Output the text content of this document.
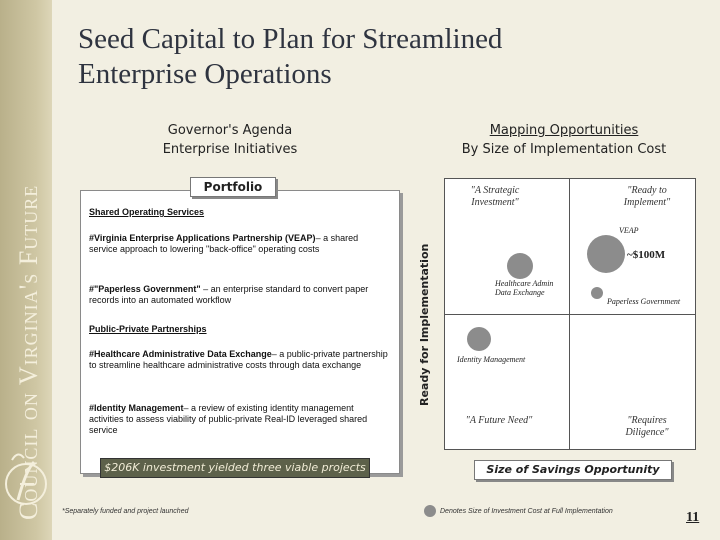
Council on Virginia's Future
Seed Capital to Plan for Streamlined
Enterprise Operations
Governor's Agenda
Enterprise Initiatives
Mapping Opportunities
By Size of Implementation Cost
Shared Operating Services
#Virginia Enterprise Applications Partnership (VEAP)– a shared service approach to lowering "back-office" operating costs
#"Paperless Government" – an enterprise standard to convert paper records into an automated workflow
Public-Private Partnerships
#Healthcare Administrative Data Exchange– a public-private partnership to streamline healthcare administrative costs through data exchange
#Identity Management– a review of existing identity management activities to assess viability of public-private Real-ID leveraged shared service
Portfolio
$206K investment yielded three viable projects
Ready for Implementation
"A Strategic Investment"
"Ready to Implement"
"A Future Need"	"Requires Diligence"
VEAP
~$100M
Healthcare Admin Data Exchange
Paperless Government
Identity Management
Size of Savings Opportunity
*Separately funded and project launched	Denotes Size of Investment Cost at Full Implementation	11
